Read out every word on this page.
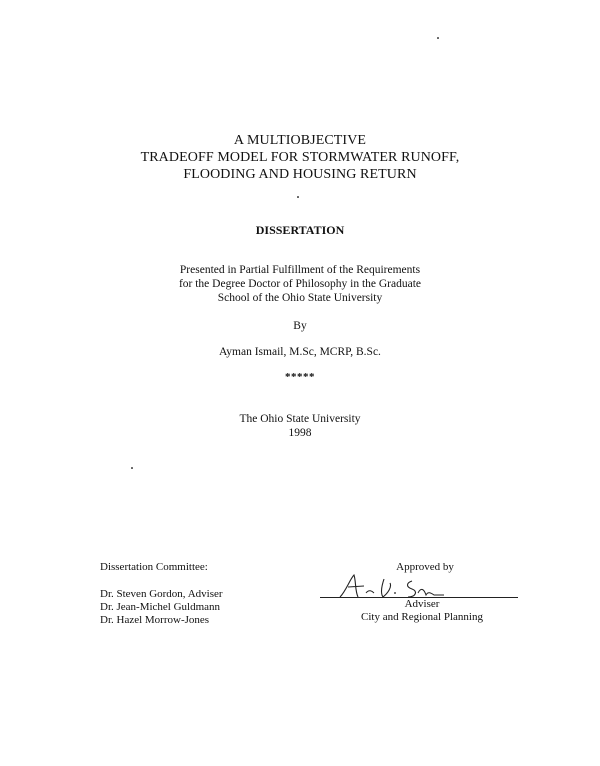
A MULTIOBJECTIVE
TRADEOFF MODEL FOR STORMWATER RUNOFF,
FLOODING AND HOUSING RETURN
DISSERTATION
Presented in Partial Fulfillment of the Requirements
for the Degree Doctor of Philosophy in the Graduate
School of the Ohio State University
By
Ayman Ismail, M.Sc, MCRP, B.Sc.
*****
The Ohio State University
1998
Dissertation Committee:
Dr. Steven Gordon, Adviser
Dr. Jean-Michel Guldmann
Dr. Hazel Morrow-Jones
Approved by
Adviser
City and Regional Planning
